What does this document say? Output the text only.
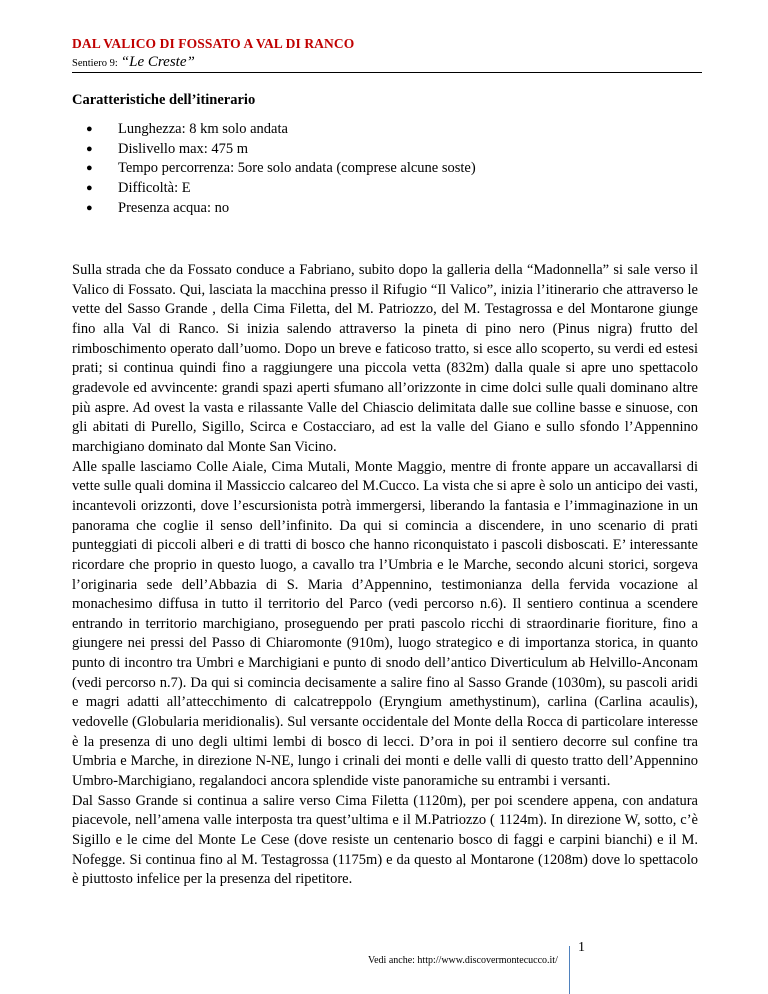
DAL VALICO DI FOSSATO A VAL DI RANCO
Sentiero 9: “Le Creste”
Caratteristiche dell’itinerario
● Lunghezza: 8 km solo andata
● Dislivello max: 475 m
● Tempo percorrenza: 5ore solo andata (comprese alcune soste)
● Difficoltà: E
● Presenza acqua: no

Sulla strada che da Fossato conduce a Fabriano, subito dopo la galleria della “Madonnella” si sale verso il Valico di Fossato. Qui, lasciata la macchina presso il Rifugio “Il Valico”, inizia l’itinerario che attraverso le vette del Sasso Grande , della Cima Filetta, del M. Patriozzo, del M. Testagrossa e del Montarone giunge fino alla Val di Ranco. Si inizia salendo attraverso la pineta di pino nero (Pinus nigra) frutto del rimboschimento operato dall’uomo. Dopo un breve e faticoso tratto, si esce allo scoperto, su verdi ed estesi prati; si continua quindi fino a raggiungere una piccola vetta (832m) dalla quale si apre uno spettacolo gradevole ed avvincente: grandi spazi aperti sfumano all’orizzonte in cime dolci sulle quali dominano altre più aspre. Ad ovest la vasta e rilassante Valle del Chiascio delimitata dalle sue colline basse e sinuose, con gli abitati di Purello, Sigillo, Scirca e Costacciaro, ad est la valle del Giano e sullo sfondo l’Appennino marchigiano dominato dal Monte San Vicino.

Alle spalle lasciamo Colle Aiale, Cima Mutali, Monte Maggio, mentre di fronte appare un accavallarsi di vette sulle quali domina il Massiccio calcareo del M.Cucco. La vista che si apre è solo un anticipo dei vasti, incantevoli orizzonti, dove l’escursionista potrà immergersi, liberando la fantasia e l’immaginazione in un panorama che coglie il senso dell’infinito. Da qui si comincia a discendere, in uno scenario di prati punteggiati di piccoli alberi e di tratti di bosco che hanno riconquistato i pascoli disboscati. E’ interessante ricordare che proprio in questo luogo, a cavallo tra l’Umbria e le Marche, secondo alcuni storici, sorgeva l’originaria sede dell’Abbazia di S. Maria d’Appennino, testimonianza della fervida vocazione al monachesimo diffusa in tutto il territorio del Parco (vedi percorso n.6). Il sentiero continua a scendere entrando in territorio marchigiano, proseguendo per prati pascolo ricchi di straordinarie fioriture, fino a giungere nei pressi del Passo di Chiaromonte (910m), luogo strategico e di importanza storica, in quanto punto di incontro tra Umbri e Marchigiani e punto di snodo dell’antico Diverticulum ab Helvillo-Anconam (vedi percorso n.7). Da qui si comincia decisamente a salire fino al Sasso Grande (1030m), su pascoli aridi e magri adatti all’attecchimento di calcatreppolo (Eryngium amethystinum), carlina (Carlina acaulis), vedovelle (Globularia meridionalis). Sul versante occidentale del Monte della Rocca di particolare interesse è la presenza di uno degli ultimi lembi di bosco di lecci. D’ora in poi il sentiero decorre sul confine tra Umbria e Marche, in direzione N-NE, lungo i crinali dei monti e delle valli di questo tratto dell’Appennino Umbro-Marchigiano, regalandoci ancora splendide viste panoramiche su entrambi i versanti.

Dal Sasso Grande si continua a salire verso Cima Filetta (1120m), per poi scendere appena, con andatura piacevole, nell’amena valle interposta tra quest’ultima e il M.Patriozzo ( 1124m). In direzione W, sotto, c’è Sigillo e le cime del Monte Le Cese (dove resiste un centenario bosco di faggi e carpini bianchi) e il M. Nofegge. Si continua fino al M. Testagrossa (1175m) e da questo al Montarone (1208m) dove lo spettacolo è piuttosto infelice per la presenza del ripetitore.

Vedi anche: http://www.discovermontecucco.it/
1
